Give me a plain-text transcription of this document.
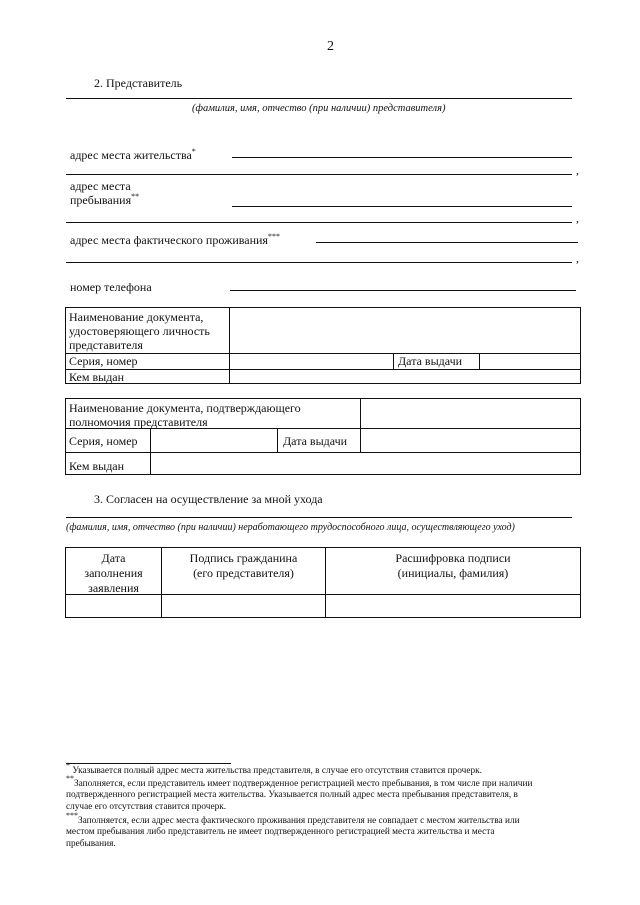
2
2. Представитель
(фамилия, имя, отчество (при наличии) представителя)
адрес места жительства*
,
адрес места
пребывания**
,
адрес места фактического проживания***
,
номер телефона
Наименование документа,
удостоверяющего личность
представителя
Серия, номер	Дата выдачи
Кем выдан
Наименование документа, подтверждающего
полномочия представителя
Серия, номер	Дата выдачи
Кем выдан
3. Согласен на осуществление за мной ухода
(фамилия, имя, отчество (при наличии) неработающего трудоспособного лица, осуществляющего уход)
Дата
заполнения
заявления
Подпись гражданина
(его представителя)
Расшифровка подписи
(инициалы, фамилия)
* Указывается полный адрес места жительства представителя, в случае его отсутствия ставится прочерк.
**Заполняется, если представитель имеет подтвержденное регистрацией место пребывания, в том числе при наличии
подтвержденного регистрацией места жительства. Указывается полный адрес места пребывания представителя, в
случае его отсутствия ставится прочерк.
***Заполняется, если адрес места фактического проживания представителя не совпадает с местом жительства или
местом пребывания либо представитель не имеет подтвержденного регистрацией места жительства и места
пребывания.
